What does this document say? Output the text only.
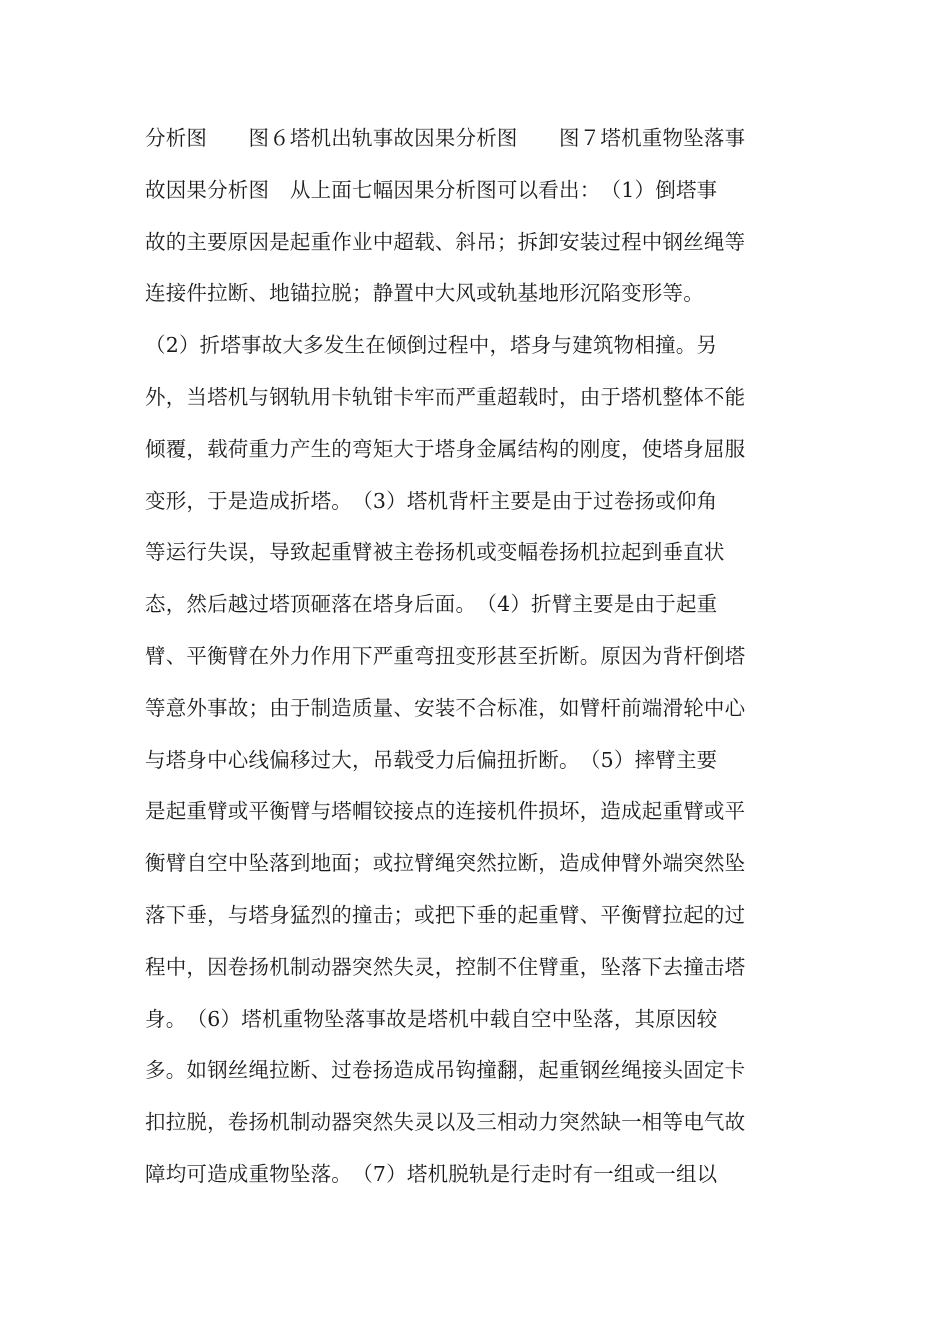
分析图　　图６塔机出轨事故因果分析图　　图７塔机重物坠落事
故因果分析图　从上面七幅因果分析图可以看出：　（1）倒塔事
故的主要原因是起重作业中超载、斜吊；拆卸安装过程中钢丝绳等
连接件拉断、地锚拉脱；静置中大风或轨基地形沉陷变形等。
（2）折塔事故大多发生在倾倒过程中，塔身与建筑物相撞。另
外，当塔机与钢轨用卡轨钳卡牢而严重超载时，由于塔机整体不能
倾覆，载荷重力产生的弯矩大于塔身金属结构的刚度，使塔身屈服
变形，于是造成折塔。　（3）塔机背杆主要是由于过卷扬或仰角
等运行失误，导致起重臂被主卷扬机或变幅卷扬机拉起到垂直状
态，然后越过塔顶砸落在塔身后面。　（4）折臂主要是由于起重
臂、平衡臂在外力作用下严重弯扭变形甚至折断。原因为背杆倒塔
等意外事故；由于制造质量、安装不合标准，如臂杆前端滑轮中心
与塔身中心线偏移过大，吊载受力后偏扭折断。　（5）摔臂主要
是起重臂或平衡臂与塔帽铰接点的连接机件损坏，造成起重臂或平
衡臂自空中坠落到地面；或拉臂绳突然拉断，造成伸臂外端突然坠
落下垂，与塔身猛烈的撞击；或把下垂的起重臂、平衡臂拉起的过
程中，因卷扬机制动器突然失灵，控制不住臂重，坠落下去撞击塔
身。　（6）塔机重物坠落事故是塔机中载自空中坠落，其原因较
多。如钢丝绳拉断、过卷扬造成吊钩撞翻，起重钢丝绳接头固定卡
扣拉脱，卷扬机制动器突然失灵以及三相动力突然缺一相等电气故
障均可造成重物坠落。　（7）塔机脱轨是行走时有一组或一组以
